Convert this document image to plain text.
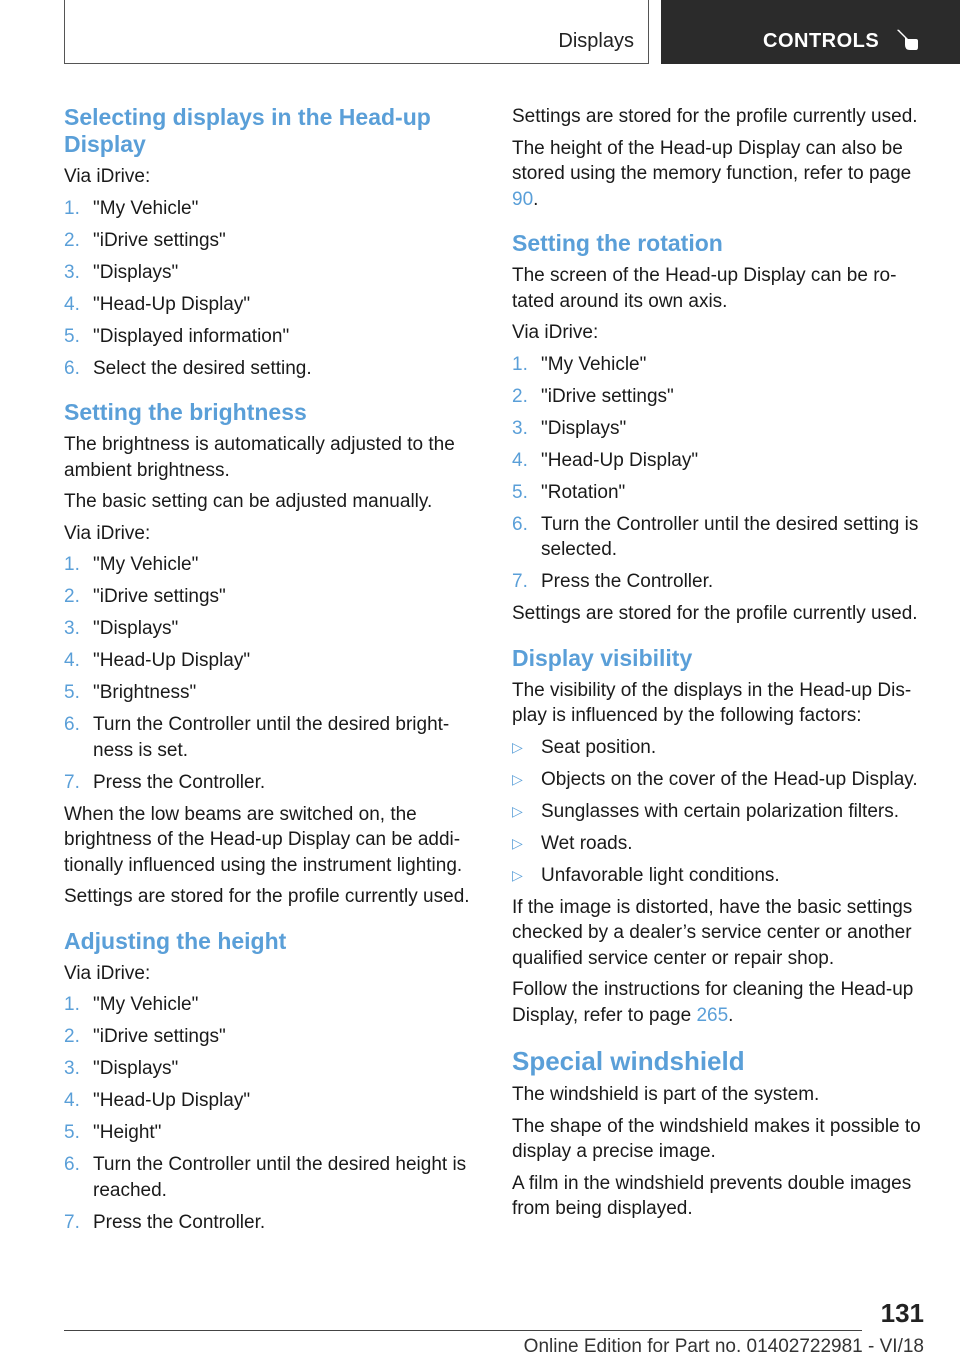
Displays	CONTROLS
Selecting displays in the Head-up Display
Via iDrive:
1. "My Vehicle"
2. "iDrive settings"
3. "Displays"
4. "Head-Up Display"
5. "Displayed information"
6. Select the desired setting.
Setting the brightness
The brightness is automatically adjusted to the ambient brightness.
The basic setting can be adjusted manually.
Via iDrive:
1. "My Vehicle"
2. "iDrive settings"
3. "Displays"
4. "Head-Up Display"
5. "Brightness"
6. Turn the Controller until the desired bright‐ness is set.
7. Press the Controller.
When the low beams are switched on, the brightness of the Head-up Display can be addi‐tionally influenced using the instrument lighting.
Settings are stored for the profile currently used.
Adjusting the height
Via iDrive:
1. "My Vehicle"
2. "iDrive settings"
3. "Displays"
4. "Head-Up Display"
5. "Height"
6. Turn the Controller until the desired height is reached.
7. Press the Controller.
Settings are stored for the profile currently used.
The height of the Head-up Display can also be stored using the memory function, refer to page 90.
Setting the rotation
The screen of the Head-up Display can be ro‐tated around its own axis.
Via iDrive:
1. "My Vehicle"
2. "iDrive settings"
3. "Displays"
4. "Head-Up Display"
5. "Rotation"
6. Turn the Controller until the desired setting is selected.
7. Press the Controller.
Settings are stored for the profile currently used.
Display visibility
The visibility of the displays in the Head-up Dis‐play is influenced by the following factors:
▷ Seat position.
▷ Objects on the cover of the Head-up Display.
▷ Sunglasses with certain polarization filters.
▷ Wet roads.
▷ Unfavorable light conditions.
If the image is distorted, have the basic settings checked by a dealer’s service center or another qualified service center or repair shop.
Follow the instructions for cleaning the Head-up Display, refer to page 265.
Special windshield
The windshield is part of the system.
The shape of the windshield makes it possible to display a precise image.
A film in the windshield prevents double images from being displayed.
131
Online Edition for Part no. 01402722981 - VI/18
